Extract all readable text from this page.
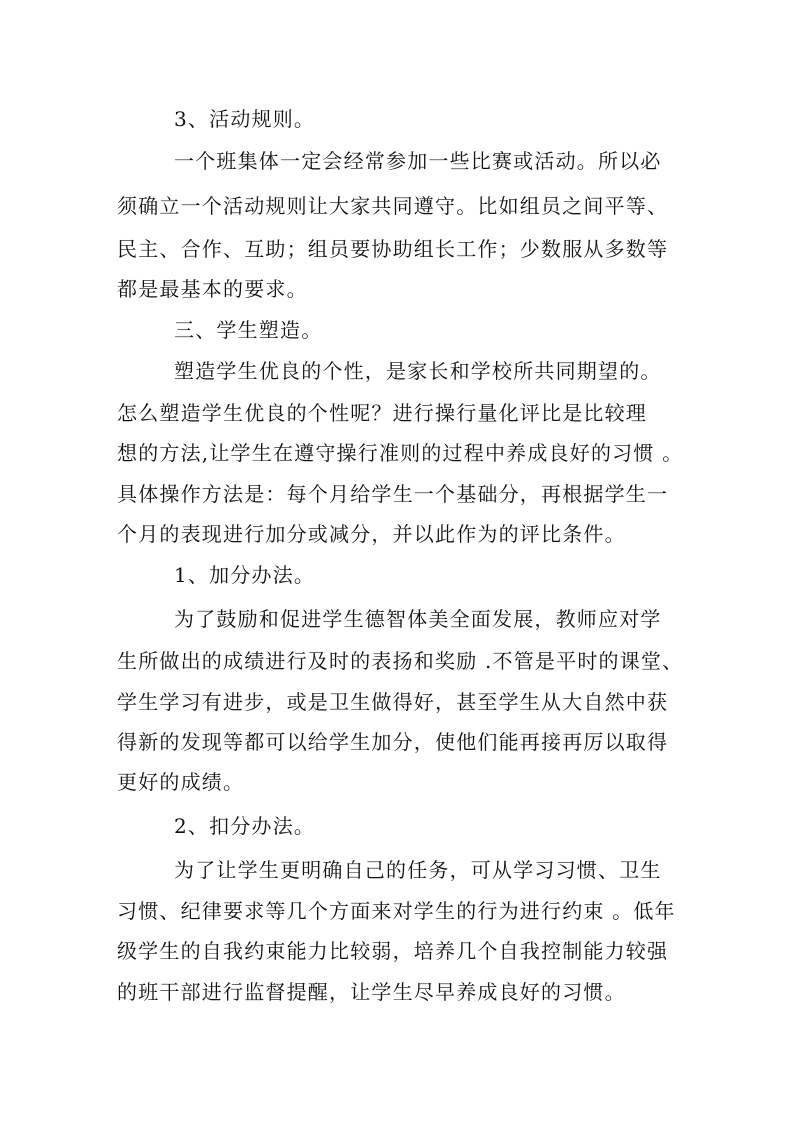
3、活动规则。
一个班集体一定会经常参加一些比赛或活动。所以必
须确立一个活动规则让大家共同遵守。比如组员之间平等、
民主、合作、互助；组员要协助组长工作；少数服从多数等
都是最基本的要求。
三、学生塑造。
塑造学生优良的个性，是家长和学校所共同期望的。
怎么塑造学生优良的个性呢？进行操行量化评比是比较理
想的方法,让学生在遵守操行准则的过程中养成良好的习惯 。
具体操作方法是：每个月给学生一个基础分，再根据学生一
个月的表现进行加分或减分，并以此作为的评比条件。
1、加分办法。
为了鼓励和促进学生德智体美全面发展，教师应对学
生所做出的成绩进行及时的表扬和奖励 .不管是平时的课堂、
学生学习有进步，或是卫生做得好，甚至学生从大自然中获
得新的发现等都可以给学生加分，使他们能再接再厉以取得
更好的成绩。
2、扣分办法。
为了让学生更明确自己的任务，可从学习习惯、卫生
习惯、纪律要求等几个方面来对学生的行为进行约束 。低年
级学生的自我约束能力比较弱，培养几个自我控制能力较强
的班干部进行监督提醒，让学生尽早养成良好的习惯。
